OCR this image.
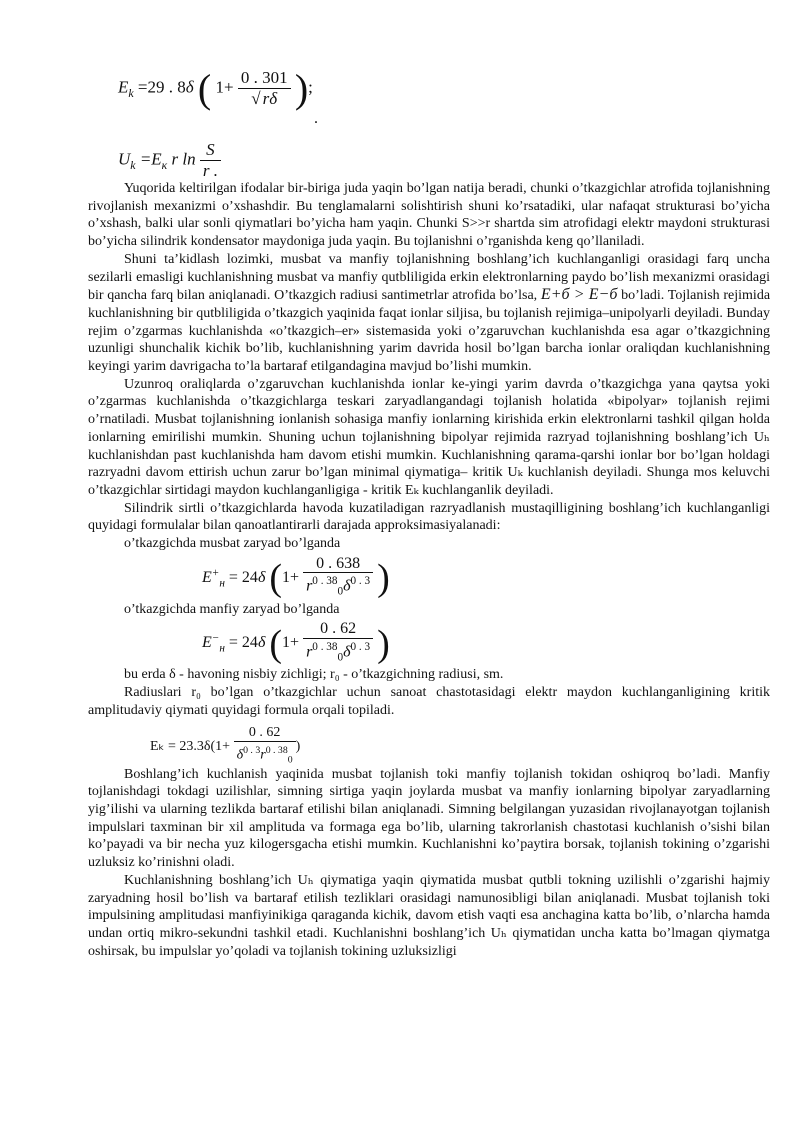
$E_k =29$ . 8δ ( $1+ \frac{0 . 301}{√ r\delta}$ );
.
$U_k =E_к$ r $\ln \frac{S}{r .}$

Yuqorida keltirilgan ifodalar bir-biriga juda yaqin bo’lgan natija beradi, chunki o’tkazgichlar atrofida tojlanishning rivojlanish mexanizmi o’xshashdir. Bu tenglamalarni solishtirish shuni ko’rsatadiki, ular nafaqat strukturasi bo’yicha o’xshash, balki ular sonli qiymatlari bo’yicha ham yaqin. Chunki S>>r shartda sim atrofidagi elektr maydoni strukturasi bo’yicha silindrik kondensator maydoniga juda yaqin. Bu tojlanishni o’rganishda keng qo’llaniladi.

Shuni ta’kidlash lozimki, musbat va manfiy tojlanishning boshlang’ich kuchlanganligi orasidagi farq uncha sezilarli emasligi kuchlanishning musbat va manfiy qutbliligida erkin elektronlarning paydo bo’lish mexanizmi orasidagi bir qancha farq bilan aniqlanadi. O’tkazgich radiusi santimetrlar atrofida bo’lsa, E+б > E−б bo’ladi. Tojlanish rejimida kuchlanishning bir qutbliligida o’tkazgich yaqinida faqat ionlar siljisa, bu tojlanish rejimiga–unipolyarli deyiladi. Bunday rejim o’zgarmas kuchlanishda «o’tkazgich–er» sistemasida yoki o’zgaruvchan kuchlanishda esa agar o’tkazgichning uzunligi shunchalik kichik bo’lib, kuchlanishning yarim davrida hosil bo’lgan barcha ionlar oraliqdan kuchlanishning keyingi yarim davrigacha to’la bartaraf etilgandagina mavjud bo’lishi mumkin.

Uzunroq oraliqlarda o’zgaruvchan kuchlanishda ionlar ke-yingi yarim davrda o’tkazgichga yana qaytsa yoki o’zgarmas kuchlanishda o’tkazgichlarga teskari zaryadlangandagi tojlanish holatida «bipolyar» tojlanish rejimi o’rnatiladi. Musbat tojlanishning ionlanish sohasiga manfiy ionlarning kirishida erkin elektronlarni tashkil qilgan holda ionlarning emirilishi mumkin. Shuning uchun tojlanishning bipolyar rejimida razryad tojlanishning boshlang’ich Uₕ kuchlanishdan past kuchlanishda ham davom etishi mumkin. Kuchlanishning qarama-qarshi ionlar bor bo’lgan holdagi razryadni davom ettirish uchun zarur bo’lgan minimal qiymatiga– kritik Uₖ kuchlanish deyiladi. Shunga mos keluvchi o’tkazgichlar sirtidagi maydon kuchlanganligiga - kritik Eₖ kuchlanganlik deyiladi.

Silindrik sirtli o’tkazgichlarda havoda kuzatiladigan razryadlanish mustaqilligining boshlang’ich kuchlanganligi quyidagi formulalar bilan qanoatlantirarli darajada approksimasiyalanadi:

o’tkazgichda musbat zaryad bo’lganda

$E^+_н = 24\delta$ ($1+ \frac{0 . 638}{r^{0 . 38}_0\delta^{0 . 3}}$ )

o’tkazgichda manfiy zaryad bo’lganda

$E^-_н = 24\delta$ ($1+ \frac{0 . 62}{r^{0 . 38}_0\delta^{0 . 3}}$ )

bu erda δ - havoning nisbiy zichligi; r₀ - o’tkazgichning radiusi, sm.

Radiuslari r₀ bo’lgan o’tkazgichlar uchun sanoat chastotasidagi elektr maydon kuchlanganligining kritik amplitudaviy qiymati quyidagi formula orqali topiladi.

$E_k = 23.3\delta(1+ \frac{0 . 62}{\delta^{0 . 3}r^{0 . 38}_0}$ )

Boshlang’ich kuchlanish yaqinida musbat tojlanish toki manfiy tojlanish tokidan oshiqroq bo’ladi. Manfiy tojlanishdagi tokdagi uzilishlar, simning sirtiga yaqin joylarda musbat va manfiy ionlarning bipolyar zaryadlarning yig’ilishi va ularning tezlikda bartaraf etilishi bilan aniqlanadi. Simning belgilangan yuzasidan rivojlanayotgan tojlanish impulslari taxminan bir xil amplituda va formaga ega bo’lib, ularning takrorlanish chastotasi kuchlanish o’sishi bilan ko’payadi va bir necha yuz kilogersgacha etishi mumkin. Kuchlanishni ko’paytira borsak, tojlanish tokining o’zgarishi uzluksiz ko’rinishni oladi.

Kuchlanishning boshlang’ich Uₕ qiymatiga yaqin qiymatida musbat qutbli tokning uzilishli o’zgarishi hajmiy zaryadning hosil bo’lish va bartaraf etilish tezliklari orasidagi namunosibligi bilan aniqlanadi. Musbat tojlanish toki impulsining amplitudasi manfiyinikiga qaraganda kichik, davom etish vaqti esa anchagina katta bo’lib, o’nlarcha hamda undan ortiq mikro-sekundni tashkil etadi. Kuchlanishni boshlang’ich Uₕ qiymatidan uncha katta bo’lmagan qiymatga oshirsak, bu impulslar yo’qoladi va tojlanish tokining uzluksizligi
